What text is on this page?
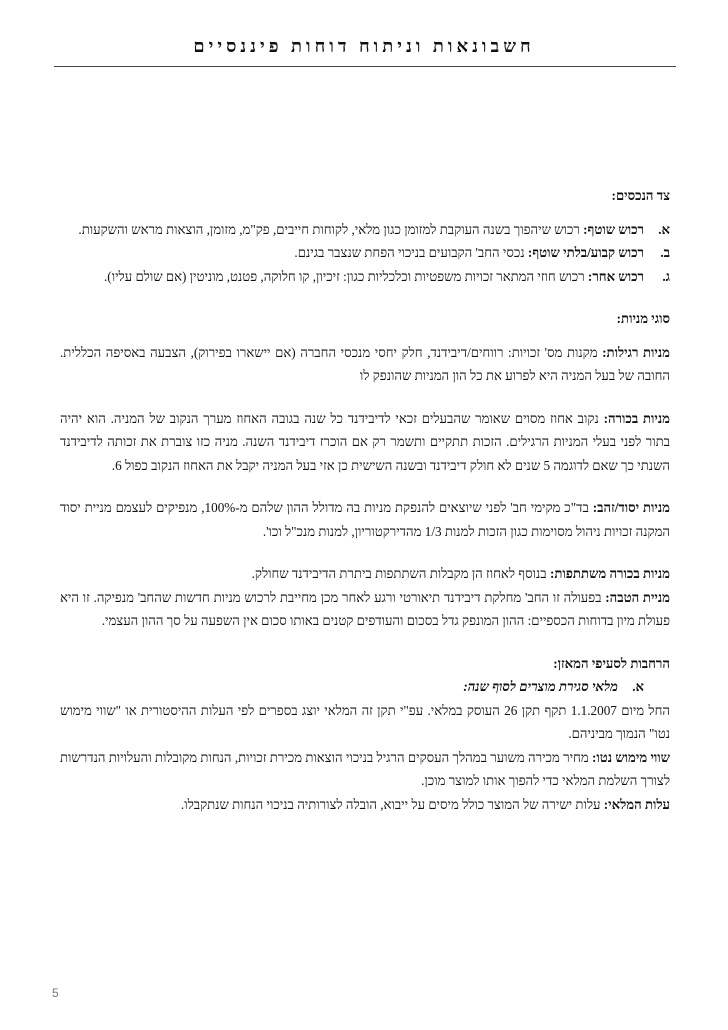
חשבונאות וניתוח דוחות פיננסיים

צד הנכסים:

א.
רכוש שוטף: רכוש שיהפוך בשנה העוקבת למזומן כגון מלאי, לקוחות חייבים, פק"מ, מזומן, הוצאות מראש והשקעות.
ב.
רכוש קבוע/בלתי שוטף: נכסי החב' הקבועים בניכוי הפחת שנצבר בגינם.
ג.
רכוש אחר: רכוש חוזי המתאר זכויות משפטיות וכלכליות כגון: זיכיון, קו חלוקה, פטנט, מוניטין (אם שולם עליו).

סוגי מניות:

מניות רגילות: מקנות מס' זכויות: רווחים/דיבידנד, חלק יחסי מנכסי החברה (אם יישארו בפירוק), הצבעה באסיפה הכללית. החובה של בעל המניה היא לפרוע את כל הון המניות שהונפק לו

מניות בכורה: נקוב אחוז מסוים שאומר שהבעלים זכאי לדיבידנד כל שנה בגובה האחוז מערך הנקוב של המניה. הוא יהיה בתור לפני בעלי המניות הרגילים. הזכות תתקיים ותשמר רק אם הוכרז דיבידנד השנה. מניה כזו צוברת את זכותה לדיבידנד השנתי כך שאם לדוגמה 5 שנים לא חולק דיבידנד ובשנה השישית כן אזי בעל המניה יקבל את האחוז הנקוב כפול 6.

מניות יסוד/זהב: בד"כ מקימי חב' לפני שיוצאים להנפקת מניות בה מדולל ההון שלהם מ-100%, מנפיקים לעצמם מניית יסוד המקנה זכויות ניהול מסוימות כגון הזכות למנות 1/3 מהדירקטוריון, למנות מנכ"ל וכו'.

מניות בכורה משתתפות: בנוסף לאחוז הן מקבלות השתתפות ביתרת הדיבידנד שחולק.

מניית הטבה: בפעולה זו החב' מחלקת דיבידנד תיאורטי ורגע לאחר מכן מחייבת לרכוש מניות חדשות שהחב' מנפיקה. זו היא פעולת מיון בדוחות הכספיים: ההון המונפק גדל בסכום והעודפים קטנים באותו סכום אין השפעה על סך ההון העצמי.

הרחבות לסעיפי המאזן:

א.
מלאי סגירת מוצרים לסוף שנה:

החל מיום 1.1.2007 תקף תקן 26 העוסק במלאי. עפ"י תקן זה המלאי יוצג בספרים לפי העלות ההיסטורית או "שווי מימוש נטו" הנמוך מביניהם.

שווי מימוש נטו: מחיר מכירה משוער במהלך העסקים הרגיל בניכוי הוצאות מכירת זכויות, הנחות מקובלות והעלויות הנדרשות לצורך השלמת המלאי כדי להפוך אותו למוצר מוכן.

עלות המלאי: עלות ישירה של המוצר כולל מיסים על ייבוא, הובלה לצורותיה בניכוי הנחות שנתקבלו.

5
